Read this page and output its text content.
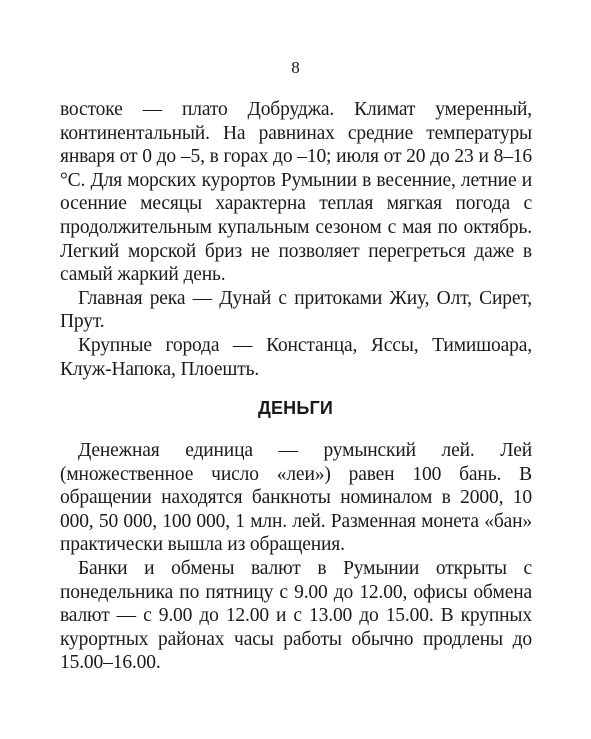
8

востоке — плато Добруджа. Климат умеренный, континентальный. На равнинах средние температуры января от 0 до –5, в горах до –10; июля от 20 до 23 и 8–16 °С. Для морских курортов Румынии в весенние, летние и осенние месяцы характерна теплая мягкая погода с продолжительным купальным сезоном с мая по октябрь. Легкий морской бриз не позволяет перегреться даже в самый жаркий день.

Главная река — Дунай с притоками Жиу, Олт, Сирет, Прут.

Крупные города — Констанца, Яссы, Тимишоара, Клуж-Напока, Плоешть.

ДЕНЬГИ

Денежная единица — румынский лей. Лей (множественное число «леи») равен 100 бань. В обращении находятся банкноты номиналом в 2000, 10 000, 50 000, 100 000, 1 млн. лей. Разменная монета «бан» практически вышла из обращения.

Банки и обмены валют в Румынии открыты с понедельника по пятницу с 9.00 до 12.00, офисы обмена валют — с 9.00 до 12.00 и с 13.00 до 15.00. В крупных курортных районах часы работы обычно продлены до 15.00–16.00.
